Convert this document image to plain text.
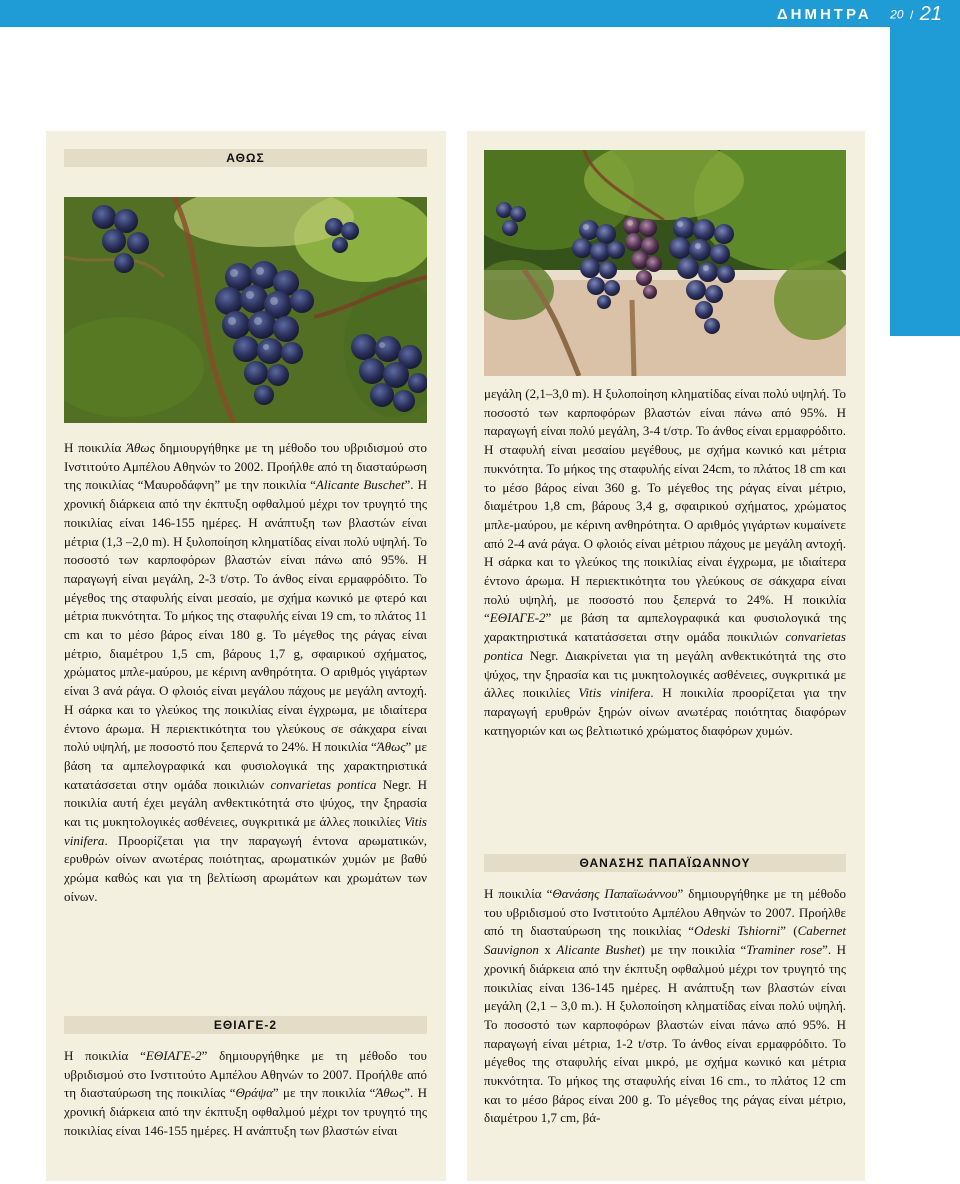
ΔΗΜΗΤΡΑ 20 / 21
ΑΘΩΣ

Η ποικιλία Άθως δημιουργήθηκε με τη μέθοδο του υβριδισμού στο Ινστιτούτο Αμπέλου Αθηνών το 2002. Προήλθε από τη διασταύρωση της ποικιλίας “Μαυροδάφνη” με την ποικιλία “Alicante Buschet”. Η χρονική διάρκεια από την έκπτυξη οφθαλμού μέχρι τον τρυγητό της ποικιλίας είναι 146-155 ημέρες. Η ανάπτυξη των βλαστών είναι μέτρια (1,3 –2,0 m). Η ξυλοποίηση κληματίδας είναι πολύ υψηλή. Το ποσοστό των καρποφόρων βλαστών είναι πάνω από 95%. Η παραγωγή είναι μεγάλη, 2-3 t/στρ. Το άνθος είναι ερμαφρόδιτο. Το μέγεθος της σταφυλής είναι μεσαίο, με σχήμα κωνικό με φτερό και μέτρια πυκνότητα. Το μήκος της σταφυλής είναι 19 cm, το πλάτος 11 cm και το μέσο βάρος είναι 180 g. Το μέγεθος της ράγας είναι μέτριο, διαμέτρου 1,5 cm, βάρους 1,7 g, σφαιρικού σχήματος, χρώματος μπλε-μαύρου, με κέρινη ανθηρότητα. Ο αριθμός γιγάρτων είναι 3 ανά ράγα. Ο φλοιός είναι μεγάλου πάχους με μεγάλη αντοχή. Η σάρκα και το γλεύκος της ποικιλίας είναι έγχρωμα, με ιδιαίτερα έντονο άρωμα. Η περιεκτικότητα του γλεύκους σε σάκχαρα είναι πολύ υψηλή, με ποσοστό που ξεπερνά το 24%. Η ποικιλία “Άθως” με βάση τα αμπελογραφικά και φυσιολογικά της χαρακτηριστικά κατατάσσεται στην ομάδα ποικιλιών convarietas pontica Negr. Η ποικιλία αυτή έχει μεγάλη ανθεκτικότητά στο ψύχος, την ξηρασία και τις μυκητολογικές ασθένειες, συγκριτικά με άλλες ποικιλίες Vitis vinifera. Προορίζεται για την παραγωγή έντονα αρωματικών, ερυθρών οίνων ανωτέρας ποιότητας, αρωματικών χυμών με βαθύ χρώμα καθώς και για τη βελτίωση αρωμάτων και χρωμάτων των οίνων.

ΕΘΙΑΓΕ-2

Η ποικιλία “ΕΘΙΑΓΕ-2” δημιουργήθηκε με τη μέθοδο του υβριδισμού στο Ινστιτούτο Αμπέλου Αθηνών το 2007. Προήλθε από τη διασταύρωση της ποικιλίας “Θράψα” με την ποικιλία “Άθως”. Η χρονική διάρκεια από την έκπτυξη οφθαλμού μέχρι τον τρυγητό της ποικιλίας είναι 146-155 ημέρες. Η ανάπτυξη των βλαστών είναι

μεγάλη (2,1–3,0 m). Η ξυλοποίηση κληματίδας είναι πολύ υψηλή. Το ποσοστό των καρποφόρων βλαστών είναι πάνω από 95%. Η παραγωγή είναι πολύ μεγάλη, 3-4 t/στρ. Το άνθος είναι ερμαφρόδιτο. Η σταφυλή είναι μεσαίου μεγέθους, με σχήμα κωνικό και μέτρια πυκνότητα. Το μήκος της σταφυλής είναι 24cm, το πλάτος 18 cm και το μέσο βάρος είναι 360 g. Το μέγεθος της ράγας είναι μέτριο, διαμέτρου 1,8 cm, βάρους 3,4 g, σφαιρικού σχήματος, χρώματος μπλε-μαύρου, με κέρινη ανθηρότητα. Ο αριθμός γιγάρτων κυμαίνετε από 2-4 ανά ράγα. Ο φλοιός είναι μέτριου πάχους με μεγάλη αντοχή. Η σάρκα και το γλεύκος της ποικιλίας είναι έγχρωμα, με ιδιαίτερα έντονο άρωμα. Η περιεκτικότητα του γλεύκους σε σάκχαρα είναι πολύ υψηλή, με ποσοστό που ξεπερνά το 24%. Η ποικιλία “ΕΘΙΑΓΕ-2” με βάση τα αμπελογραφικά και φυσιολογικά της χαρακτηριστικά κατατάσσεται στην ομάδα ποικιλιών convarietas pontica Negr. Διακρίνεται για τη μεγάλη ανθεκτικότητά της στο ψύχος, την ξηρασία και τις μυκητολογικές ασθένειες, συγκριτικά με άλλες ποικιλίες Vitis vinifera. Η ποικιλία προορίζεται για την παραγωγή ερυθρών ξηρών οίνων ανωτέρας ποιότητας διαφόρων κατηγοριών και ως βελτιωτικό χρώματος διαφόρων χυμών.

ΘΑΝΑΣΗΣ ΠΑΠΑΪΩΑΝΝΟΥ

Η ποικιλία “Θανάσης Παπαϊωάννου” δημιουργήθηκε με τη μέθοδο του υβριδισμού στο Ινστιτούτο Αμπέλου Αθηνών το 2007. Προήλθε από τη διασταύρωση της ποικιλίας “Odeski Tshiorni” (Cabernet Sauvignon x Alicante Bushet) με την ποικιλία “Traminer rose”. Η χρονική διάρκεια από την έκπτυξη οφθαλμού μέχρι τον τρυγητό της ποικιλίας είναι 136-145 ημέρες. Η ανάπτυξη των βλαστών είναι μεγάλη (2,1 – 3,0 m.). Η ξυλοποίηση κληματίδας είναι πολύ υψηλή. Το ποσοστό των καρποφόρων βλαστών είναι πάνω από 95%. Η παραγωγή είναι μέτρια, 1-2 t/στρ. Το άνθος είναι ερμαφρόδιτο. Το μέγεθος της σταφυλής είναι μικρό, με σχήμα κωνικό και μέτρια πυκνότητα. Το μήκος της σταφυλής είναι 16 cm., το πλάτος 12 cm και το μέσο βάρος είναι 200 g. Το μέγεθος της ράγας είναι μέτριο, διαμέτρου 1,7 cm, βά-
